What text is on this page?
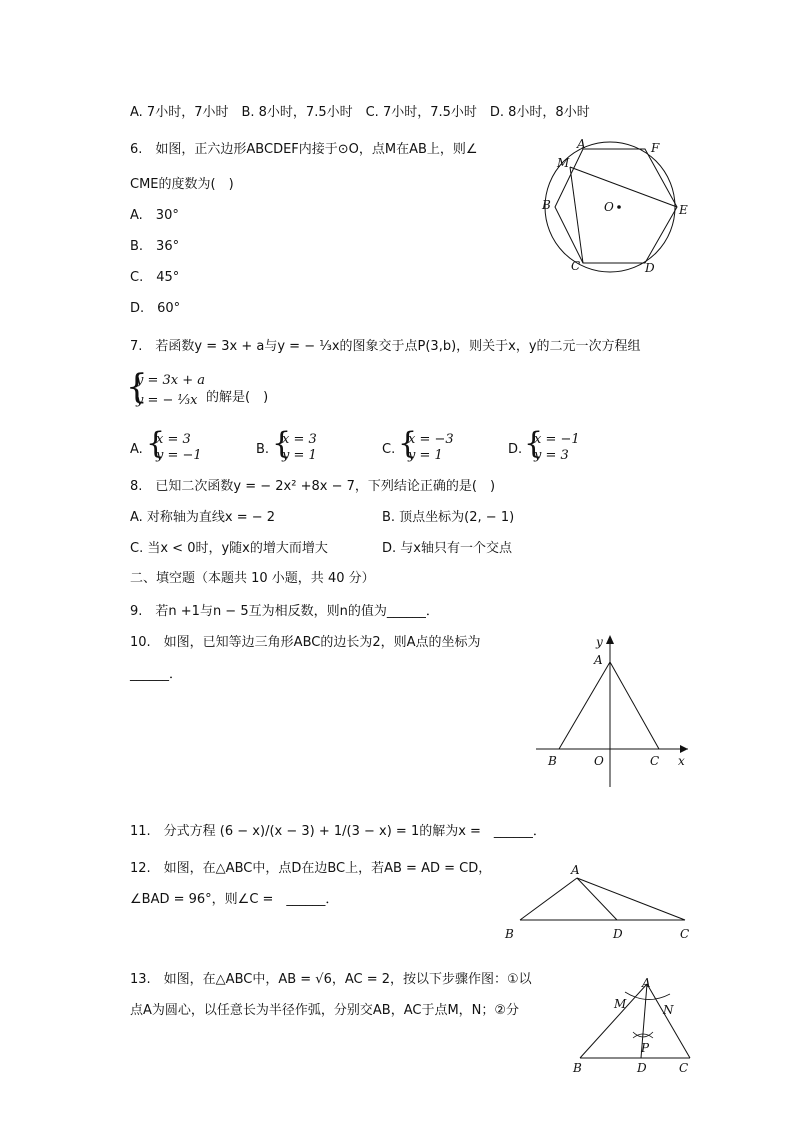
A. 7小时，7小时　B. 8小时，7.5小时　C. 7小时，7.5小时　D. 8小时，8小时
6.　如图，正六边形ABCDEF内接于⊙O，点M在AB上，则∠
CME的度数为(　)
A.　30°
B.　36°
C.　45°
D.　60°
A	F
M
B	O	E
C	D
7.　若函数y = 3x + a与y = − ⅓x的图象交于点P(3,b)，则关于x，y的二元一次方程组
{
y = 3x + a
y = − ⅓x 的解是(　)
A. {
x = 3
y = −1	B. {
x = 3
y = 1	C. {
x = −3
y = 1	D. {
x = −1
y = 3
8.　已知二次函数y = − 2x² +8x − 7，下列结论正确的是(　)
A. 对称轴为直线x = − 2	B. 顶点坐标为(2, − 1)
C. 当x < 0时，y随x的增大而增大	D. 与x轴只有一个交点
二、填空题（本题共 10 小题，共 40 分）
9.　若n +1与n − 5互为相反数，则n的值为______．
10.　如图，已知等边三角形ABC的边长为2，则A点的坐标为
______．
y
A
B	O	C x
11.　分式方程 (6 − x)/(x − 3) + 1/(3 − x) = 1的解为x =　______．
12.　如图，在△ABC中，点D在边BC上，若AB = AD = CD，
∠BAD = 96°，则∠C =　______．
A
B	D	C
13.　如图，在△ABC中，AB = √6，AC = 2，按以下步骤作图：①以
点A为圆心，以任意长为半径作弧，分别交AB，AC于点M，N；②分
A
M	N
P
B	D	C
